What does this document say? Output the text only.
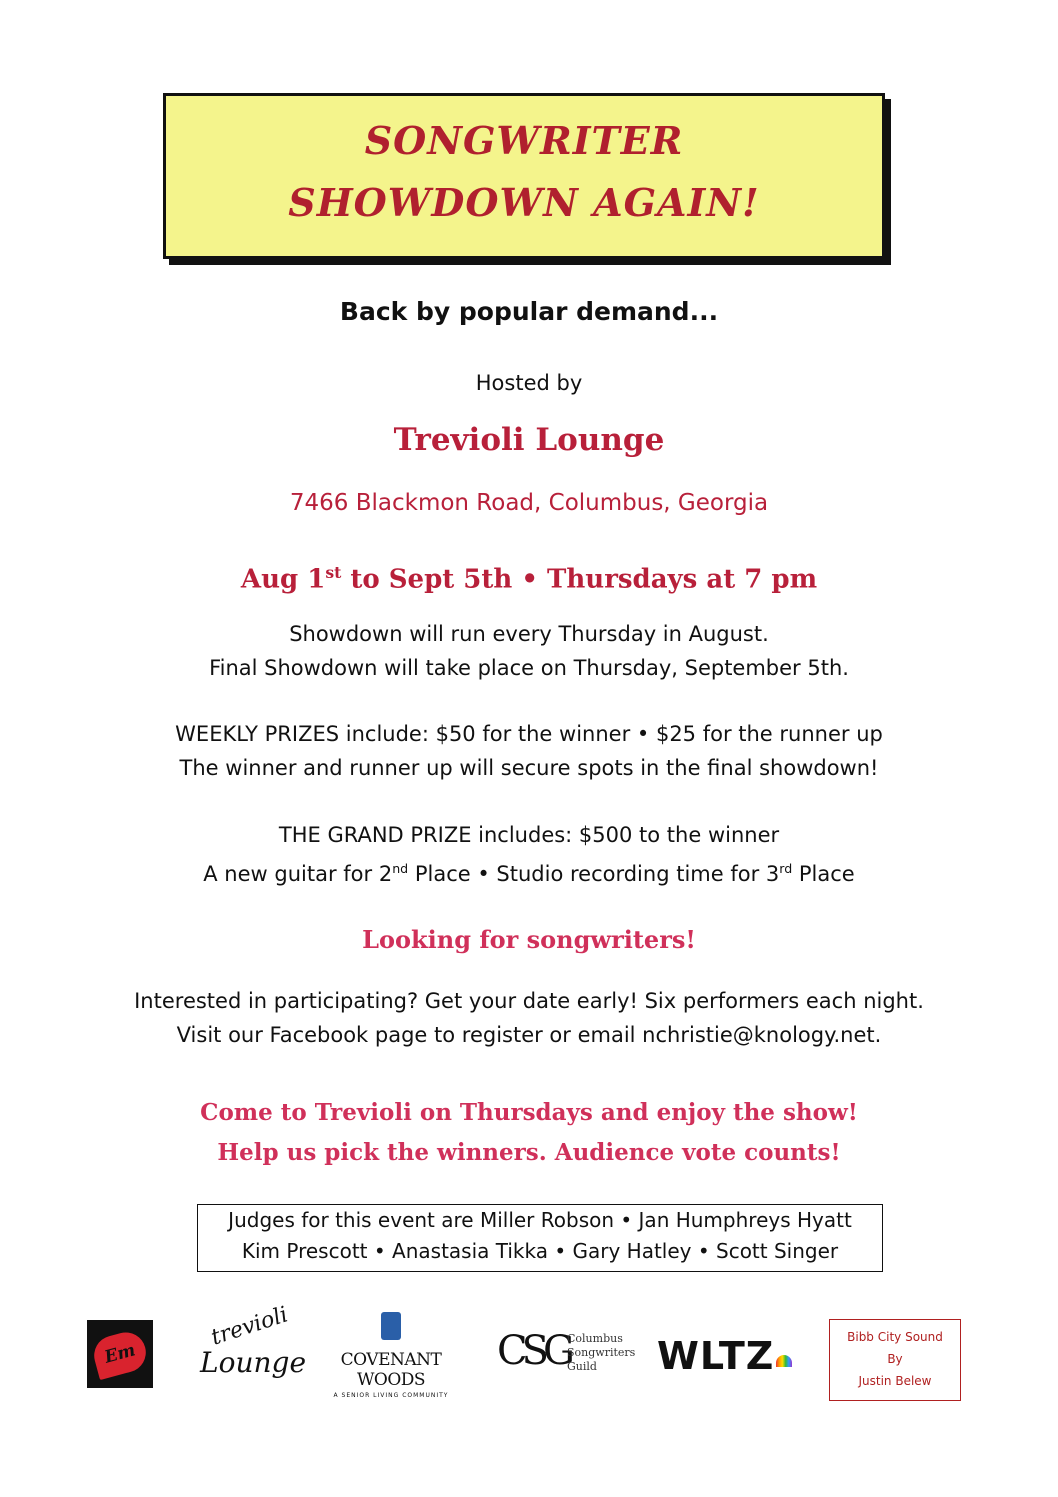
SONGWRITER
SHOWDOWN AGAIN!
Back by popular demand...
Hosted by
Trevioli Lounge
7466 Blackmon Road, Columbus, Georgia
Aug 1st to Sept 5th • Thursdays at 7 pm
Showdown will run every Thursday in August.
Final Showdown will take place on Thursday, September 5th.
WEEKLY PRIZES include: $50 for the winner • $25 for the runner up
The winner and runner up will secure spots in the final showdown!
THE GRAND PRIZE includes: $500 to the winner
A new guitar for 2nd Place • Studio recording time for 3rd Place
Looking for songwriters!
Interested in participating? Get your date early! Six performers each night.
Visit our Facebook page to register or email nchristie@knology.net.
Come to Trevioli on Thursdays and enjoy the show!
Help us pick the winners. Audience vote counts!
Judges for this event are Miller Robson • Jan Humphreys Hyatt
Kim Prescott • Anastasia Tikka • Gary Hatley • Scott Singer
Em
trevioli
Lounge	COVENANT WOODS
A SENIOR LIVING COMMUNITY
CSG
Columbus
Songwriters
Guild	WLTZ	Bibb City Sound
By
Justin Belew
